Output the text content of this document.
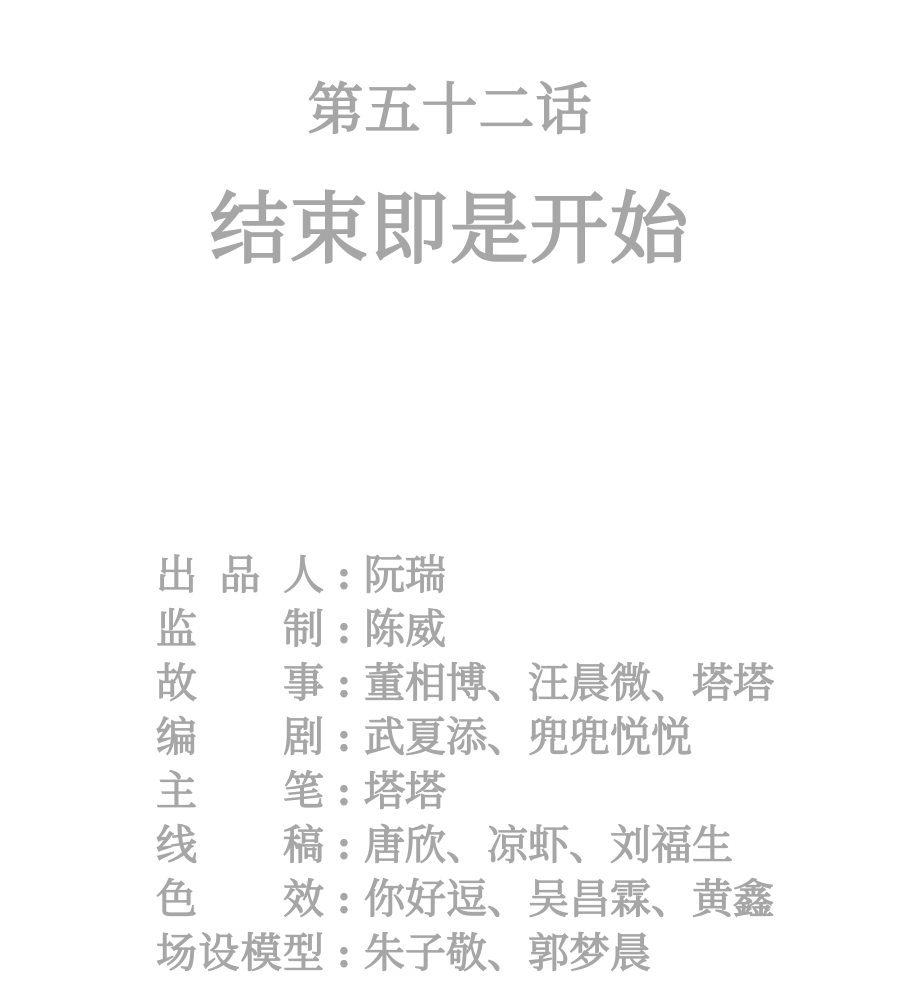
第五十二话
结束即是开始
出 品 人 : 阮瑞
监 制 : 陈威
故 事 : 董相博、汪晨微、塔塔
编 剧 : 武夏添、兜兜悦悦
主 笔 : 塔塔
线 稿 : 唐欣、凉虾、刘福生
色 效 : 你好逗、吴昌霖、黄鑫
场 设 模 型 : 朱子敬、郭梦晨
